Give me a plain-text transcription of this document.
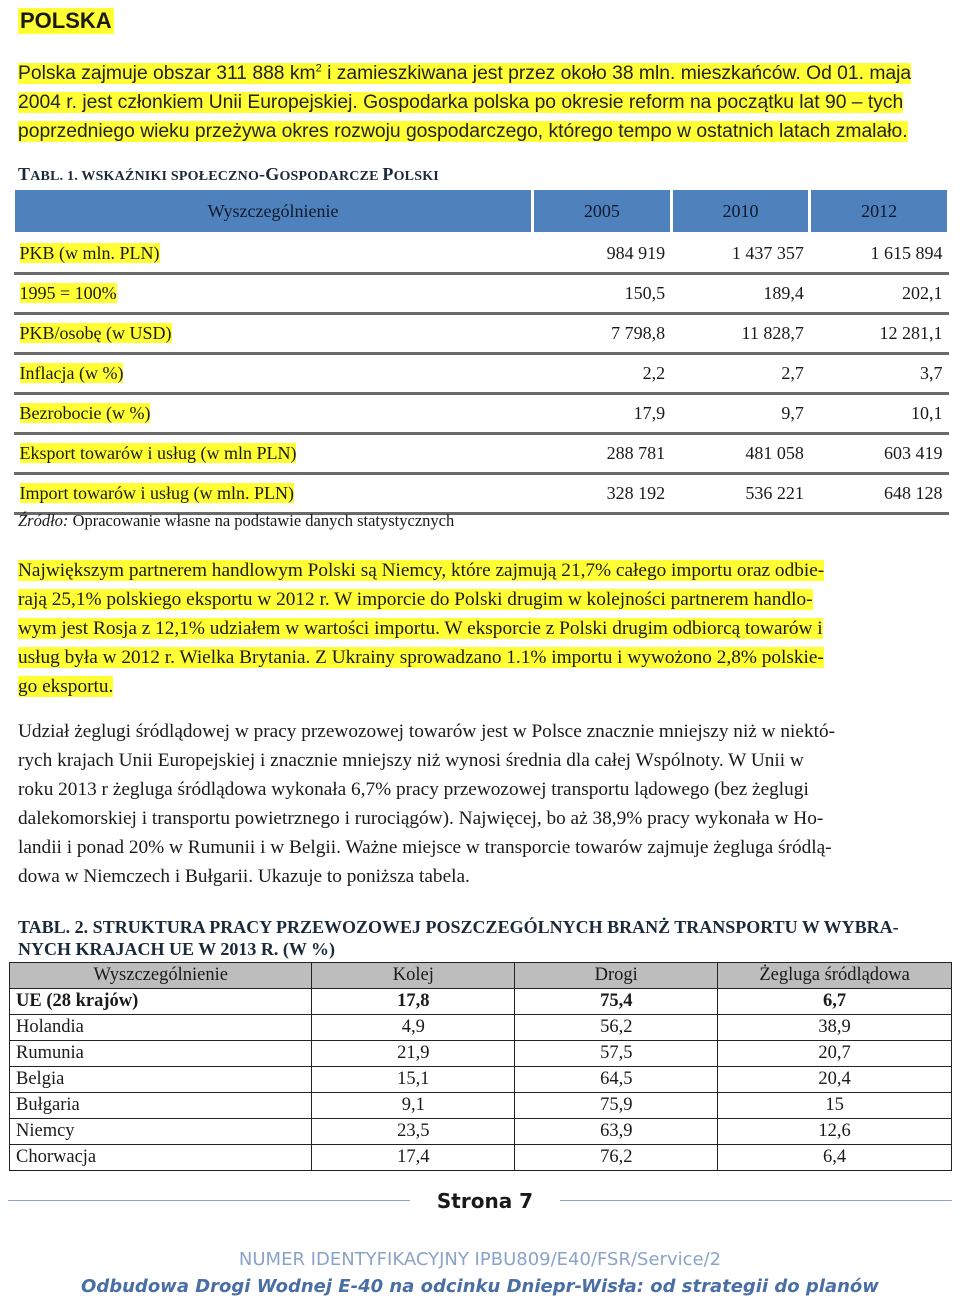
POLSKA
Polska zajmuje obszar 311 888 $km^2$ i zamieszkiwana jest przez około 38 mln. mieszkańców. Od 01. maja
2004 r. jest członkiem Unii Europejskiej. Gospodarka polska po okresie reform na początku lat 90 – tych
poprzedniego wieku przeżywa okres rozwoju gospodarczego, którego tempo w ostatnich latach zmalało.
TABL. 1. WSKAŹNIKI SPOŁECZNO-GOSPODARCZE POLSKI
Wyszczególnienie	2005	2010	2012
PKB (w mln. PLN)	984 919	1 437 357	1 615 894
1995 = 100%	150,5	189,4	202,1
PKB/osobę (w USD)	7 798,8	11 828,7	12 281,1
Inflacja (w %)	2,2	2,7	3,7
Bezrobocie (w %)	17,9	9,7	10,1
Eksport towarów i usług (w mln PLN)	288 781	481 058	603 419
Import towarów i usług (w mln. PLN)	328 192	536 221	648 128
Źródło: Opracowanie własne na podstawie danych statystycznych
Największym partnerem handlowym Polski są Niemcy, które zajmują 21,7% całego importu oraz odbie-
rają 25,1% polskiego eksportu w 2012 r. W imporcie do Polski drugim w kolejności partnerem handlo-
wym jest Rosja z 12,1% udziałem w wartości importu. W eksporcie z Polski drugim odbiorcą towarów i
usług była w 2012 r. Wielka Brytania. Z Ukrainy sprowadzano 1.1% importu i wywożono 2,8% polskie-
go eksportu.
Udział żeglugi śródlądowej w pracy przewozowej towarów jest w Polsce znacznie mniejszy niż w niektó-
rych krajach Unii Europejskiej i znacznie mniejszy niż wynosi średnia dla całej Wspólnoty. W Unii w
roku 2013 r żegluga śródlądowa wykonała 6,7% pracy przewozowej transportu lądowego (bez żeglugi
dalekomorskiej i transportu powietrznego i rurociągów). Najwięcej, bo aż 38,9% pracy wykonała w Ho-
landii i ponad 20% w Rumunii i w Belgii. Ważne miejsce w transporcie towarów zajmuje żegluga śródlą-
dowa w Niemczech i Bułgarii. Ukazuje to poniższa tabela.
TABL. 2. STRUKTURA PRACY PRZEWOZOWEJ POSZCZEGÓLNYCH BRANŻ TRANSPORTU W WYBRA-
NYCH KRAJACH UE W 2013 R. (W %)
Wyszczególnienie	Kolej	Drogi	Żegluga śródlądowa
UE (28 krajów)	17,8	75,4	6,7
Holandia	4,9	56,2	38,9
Rumunia	21,9	57,5	20,7
Belgia	15,1	64,5	20,4
Bułgaria	9,1	75,9	15
Niemcy	23,5	63,9	12,6
Chorwacja	17,4	76,2	6,4
Strona 7
NUMER IDENTYFIKACYJNY IPBU809/E40/FSR/Service/2
Odbudowa Drogi Wodnej E-40 na odcinku Dniepr-Wisła: od strategii do planów
